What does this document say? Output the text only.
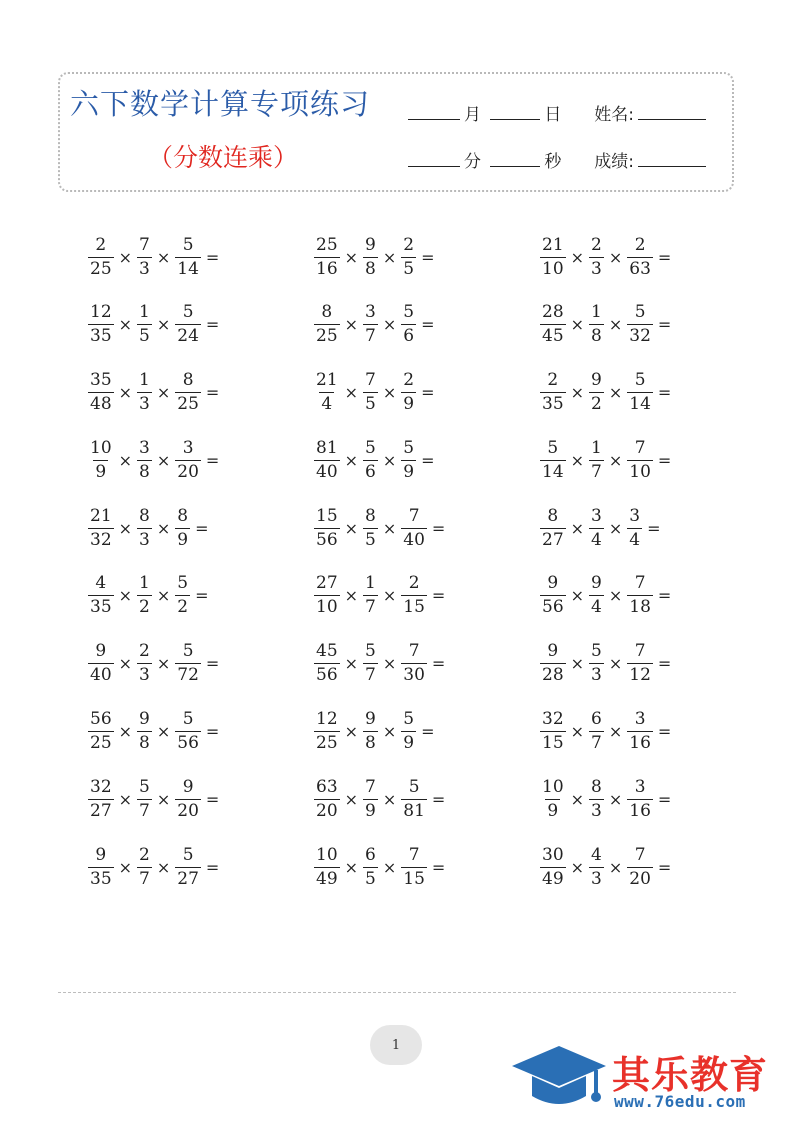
六下数学计算专项练习
（分数连乘）
月	日 姓名:
分	秒 成绩:
$\frac{2}{25} \times \frac{7}{3} \times \frac{5}{14}$ =	$\frac{25}{16} \times \frac{9}{8} \times \frac{2}{5}$ =	$\frac{21}{10} \times \frac{2}{3} \times \frac{2}{63}$ =
$\frac{12}{35} \times \frac{1}{5} \times \frac{5}{24}$ =	$\frac{8}{25} \times \frac{3}{7} \times \frac{5}{6}$ =	$\frac{28}{45} \times \frac{1}{8} \times \frac{5}{32}$ =
$\frac{35}{48} \times \frac{1}{3} \times \frac{8}{25}$ =	$\frac{21}{4} \times \frac{7}{5} \times \frac{2}{9}$ =	$\frac{2}{35} \times \frac{9}{2} \times \frac{5}{14}$ =
$\frac{10}{9} \times \frac{3}{8} \times \frac{3}{20}$ =	$\frac{81}{40} \times \frac{5}{6} \times \frac{5}{9}$ =	$\frac{5}{14} \times \frac{1}{7} \times \frac{7}{10}$ =
$\frac{21}{32} \times \frac{8}{3} \times \frac{8}{9}$ =	$\frac{15}{56} \times \frac{8}{5} \times \frac{7}{40}$ =	$\frac{8}{27} \times \frac{3}{4} \times \frac{3}{4}$ =
$\frac{4}{35} \times \frac{1}{2} \times \frac{5}{2}$ =	$\frac{27}{10} \times \frac{1}{7} \times \frac{2}{15}$ =	$\frac{9}{56} \times \frac{9}{4} \times \frac{7}{18}$ =
$\frac{9}{40} \times \frac{2}{3} \times \frac{5}{72}$ =	$\frac{45}{56} \times \frac{5}{7} \times \frac{7}{30}$ =	$\frac{9}{28} \times \frac{5}{3} \times \frac{7}{12}$ =
$\frac{56}{25} \times \frac{9}{8} \times \frac{5}{56}$ =	$\frac{12}{25} \times \frac{9}{8} \times \frac{5}{9}$ =	$\frac{32}{15} \times \frac{6}{7} \times \frac{3}{16}$ =
$\frac{32}{27} \times \frac{5}{7} \times \frac{9}{20}$ =	$\frac{63}{20} \times \frac{7}{9} \times \frac{5}{81}$ =	$\frac{10}{9} \times \frac{8}{3} \times \frac{3}{16}$ =
$\frac{9}{35} \times \frac{2}{7} \times \frac{5}{27}$ =	$\frac{10}{49} \times \frac{6}{5} \times \frac{7}{15}$ =	$\frac{30}{49} \times \frac{4}{3} \times \frac{7}{20}$ =
1
其乐教育
www.76edu.com
